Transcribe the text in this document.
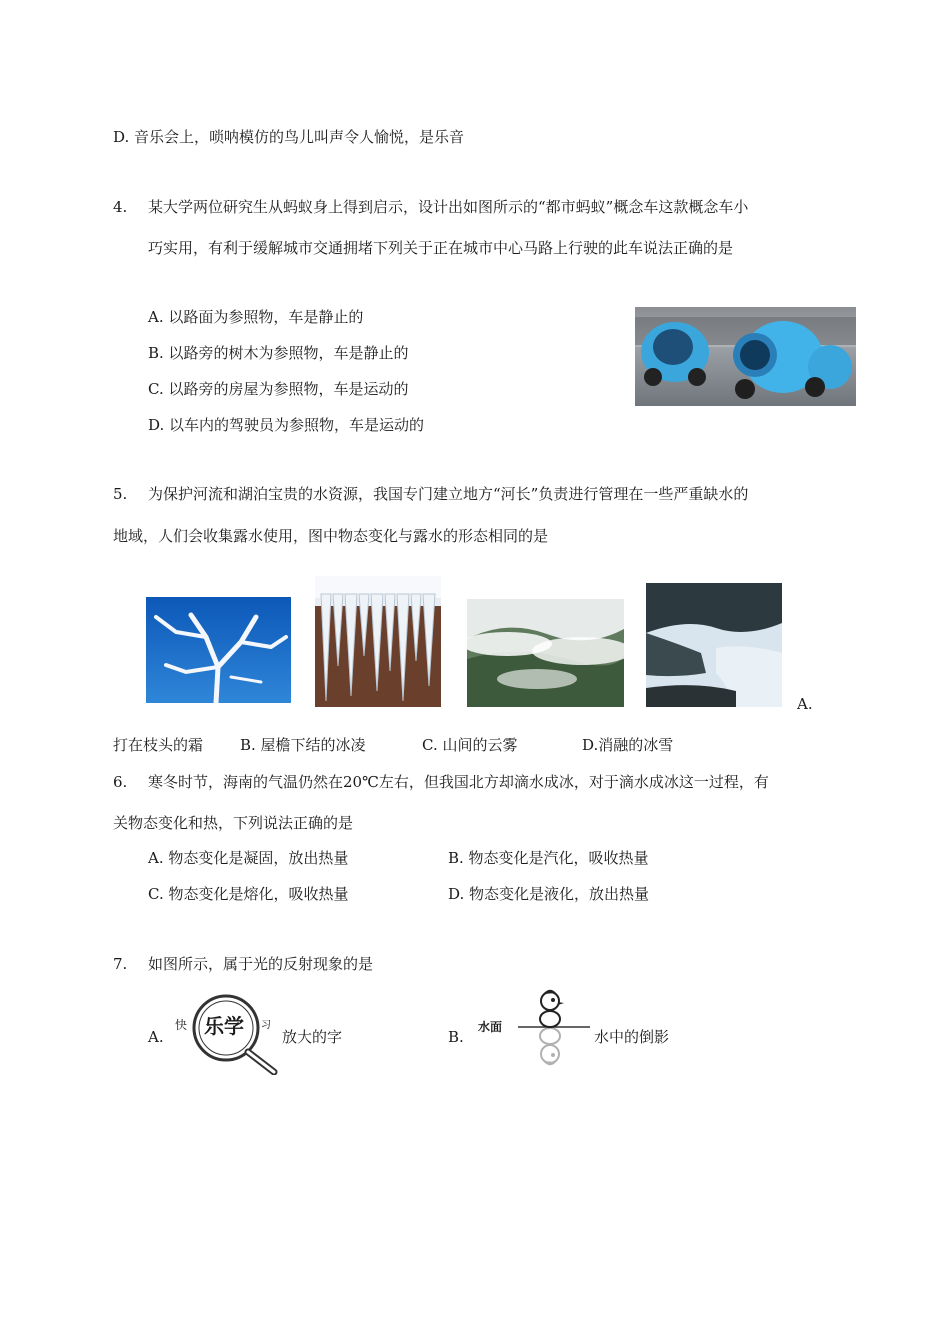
D. 音乐会上，唢呐模仿的鸟儿叫声令人愉悦，是乐音
4. 某大学两位研究生从蚂蚁身上得到启示，设计出如图所示的“都市蚂蚁”概念车这款概念车小
巧实用，有利于缓解城市交通拥堵下列关于正在城市中心马路上行驶的此车说法正确的是
A. 以路面为参照物，车是静止的
B. 以路旁的树木为参照物，车是静止的
C. 以路旁的房屋为参照物，车是运动的
D. 以车内的驾驶员为参照物，车是运动的
5. 为保护河流和湖泊宝贵的水资源，我国专门建立地方“河长”负责进行管理在一些严重缺水的
地域，人们会收集露水使用，图中物态变化与露水的形态相同的是
A.
打在枝头的霜 B. 屋檐下结的冰凌	C. 山间的云雾	D.消融的冰雪
6. 寒冬时节，海南的气温仍然在20℃左右，但我国北方却滴水成冰，对于滴水成冰这一过程，有
关物态变化和热，下列说法正确的是
A. 物态变化是凝固，放出热量	B. 物态变化是汽化，吸收热量
C. 物态变化是熔化，吸收热量	D. 物态变化是液化，放出热量
7. 如图所示，属于光的反射现象的是
A.
快 乐学 习
放大的字	B.
水面
水中的倒影
